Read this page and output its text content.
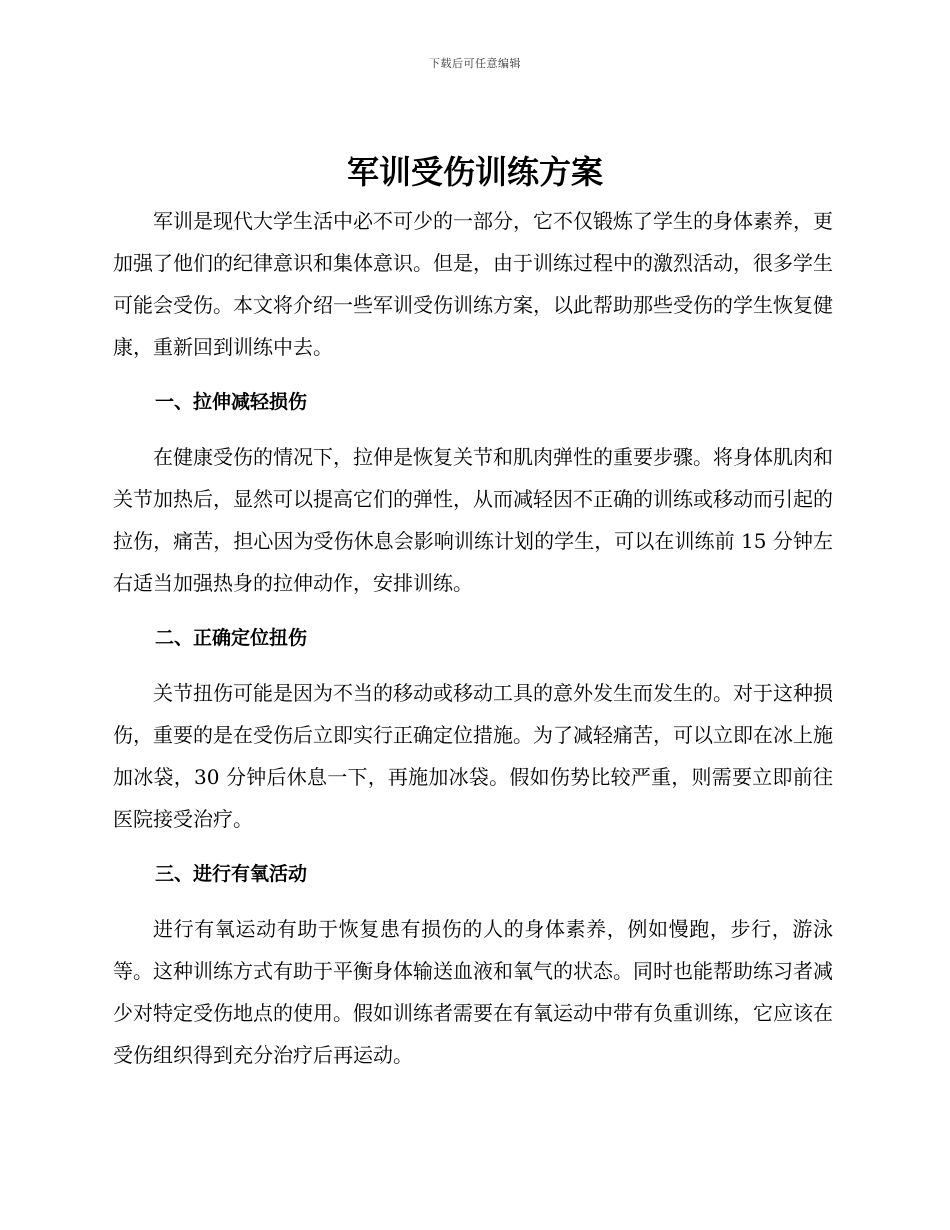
下载后可任意编辑
军训受伤训练方案

军训是现代大学生活中必不可少的一部分，它不仅锻炼了学生的身体素养，更加强了他们的纪律意识和集体意识。但是，由于训练过程中的激烈活动，很多学生可能会受伤。本文将介绍一些军训受伤训练方案，以此帮助那些受伤的学生恢复健康，重新回到训练中去。

一、拉伸减轻损伤

在健康受伤的情况下，拉伸是恢复关节和肌肉弹性的重要步骤。将身体肌肉和关节加热后，显然可以提高它们的弹性，从而减轻因不正确的训练或移动而引起的拉伤，痛苦，担心因为受伤休息会影响训练计划的学生，可以在训练前 15 分钟左右适当加强热身的拉伸动作，安排训练。

二、正确定位扭伤

关节扭伤可能是因为不当的移动或移动工具的意外发生而发生的。对于这种损伤，重要的是在受伤后立即实行正确定位措施。为了减轻痛苦，可以立即在冰上施加冰袋，30 分钟后休息一下，再施加冰袋。假如伤势比较严重，则需要立即前往医院接受治疗。

三、进行有氧活动

进行有氧运动有助于恢复患有损伤的人的身体素养，例如慢跑，步行，游泳等。这种训练方式有助于平衡身体输送血液和氧气的状态。同时也能帮助练习者减少对特定受伤地点的使用。假如训练者需要在有氧运动中带有负重训练，它应该在受伤组织得到充分治疗后再运动。
